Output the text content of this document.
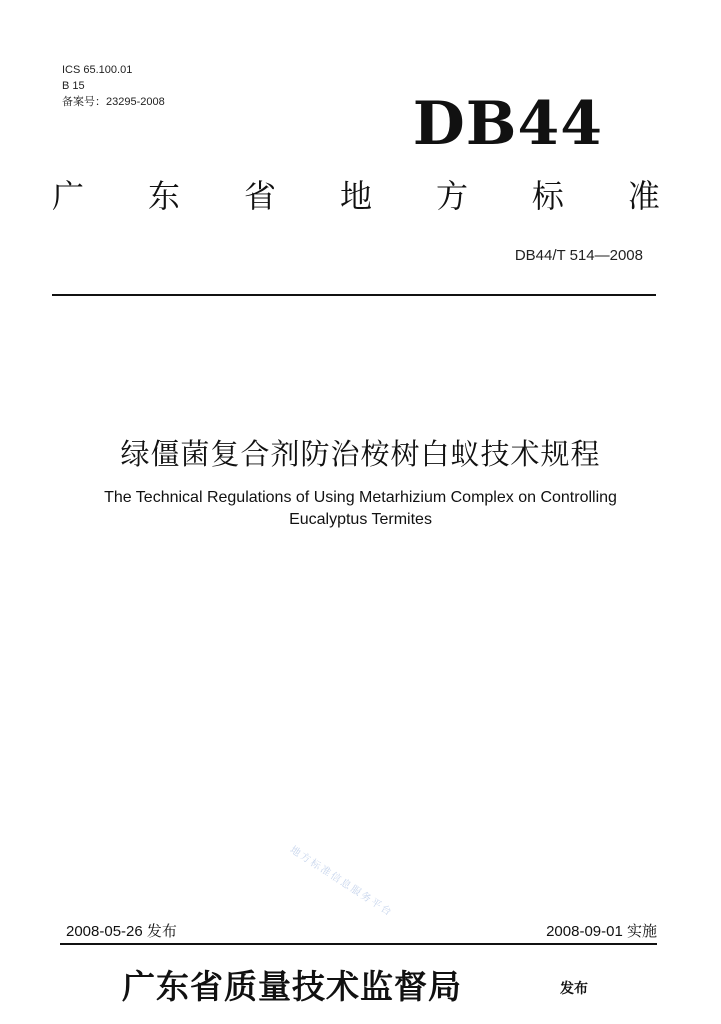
ICS 65.100.01
B 15
备案号：23295-2008	DB44
广 东 省 地 方 标 准
DB44/T 514—2008
绿僵菌复合剂防治桉树白蚁技术规程
The Technical Regulations of Using Metarhizium Complex on Controlling
Eucalyptus Termites
地方标准信息服务平台
2008-05-26 发布	2008-09-01 实施
广东省质量技术监督局	发布
